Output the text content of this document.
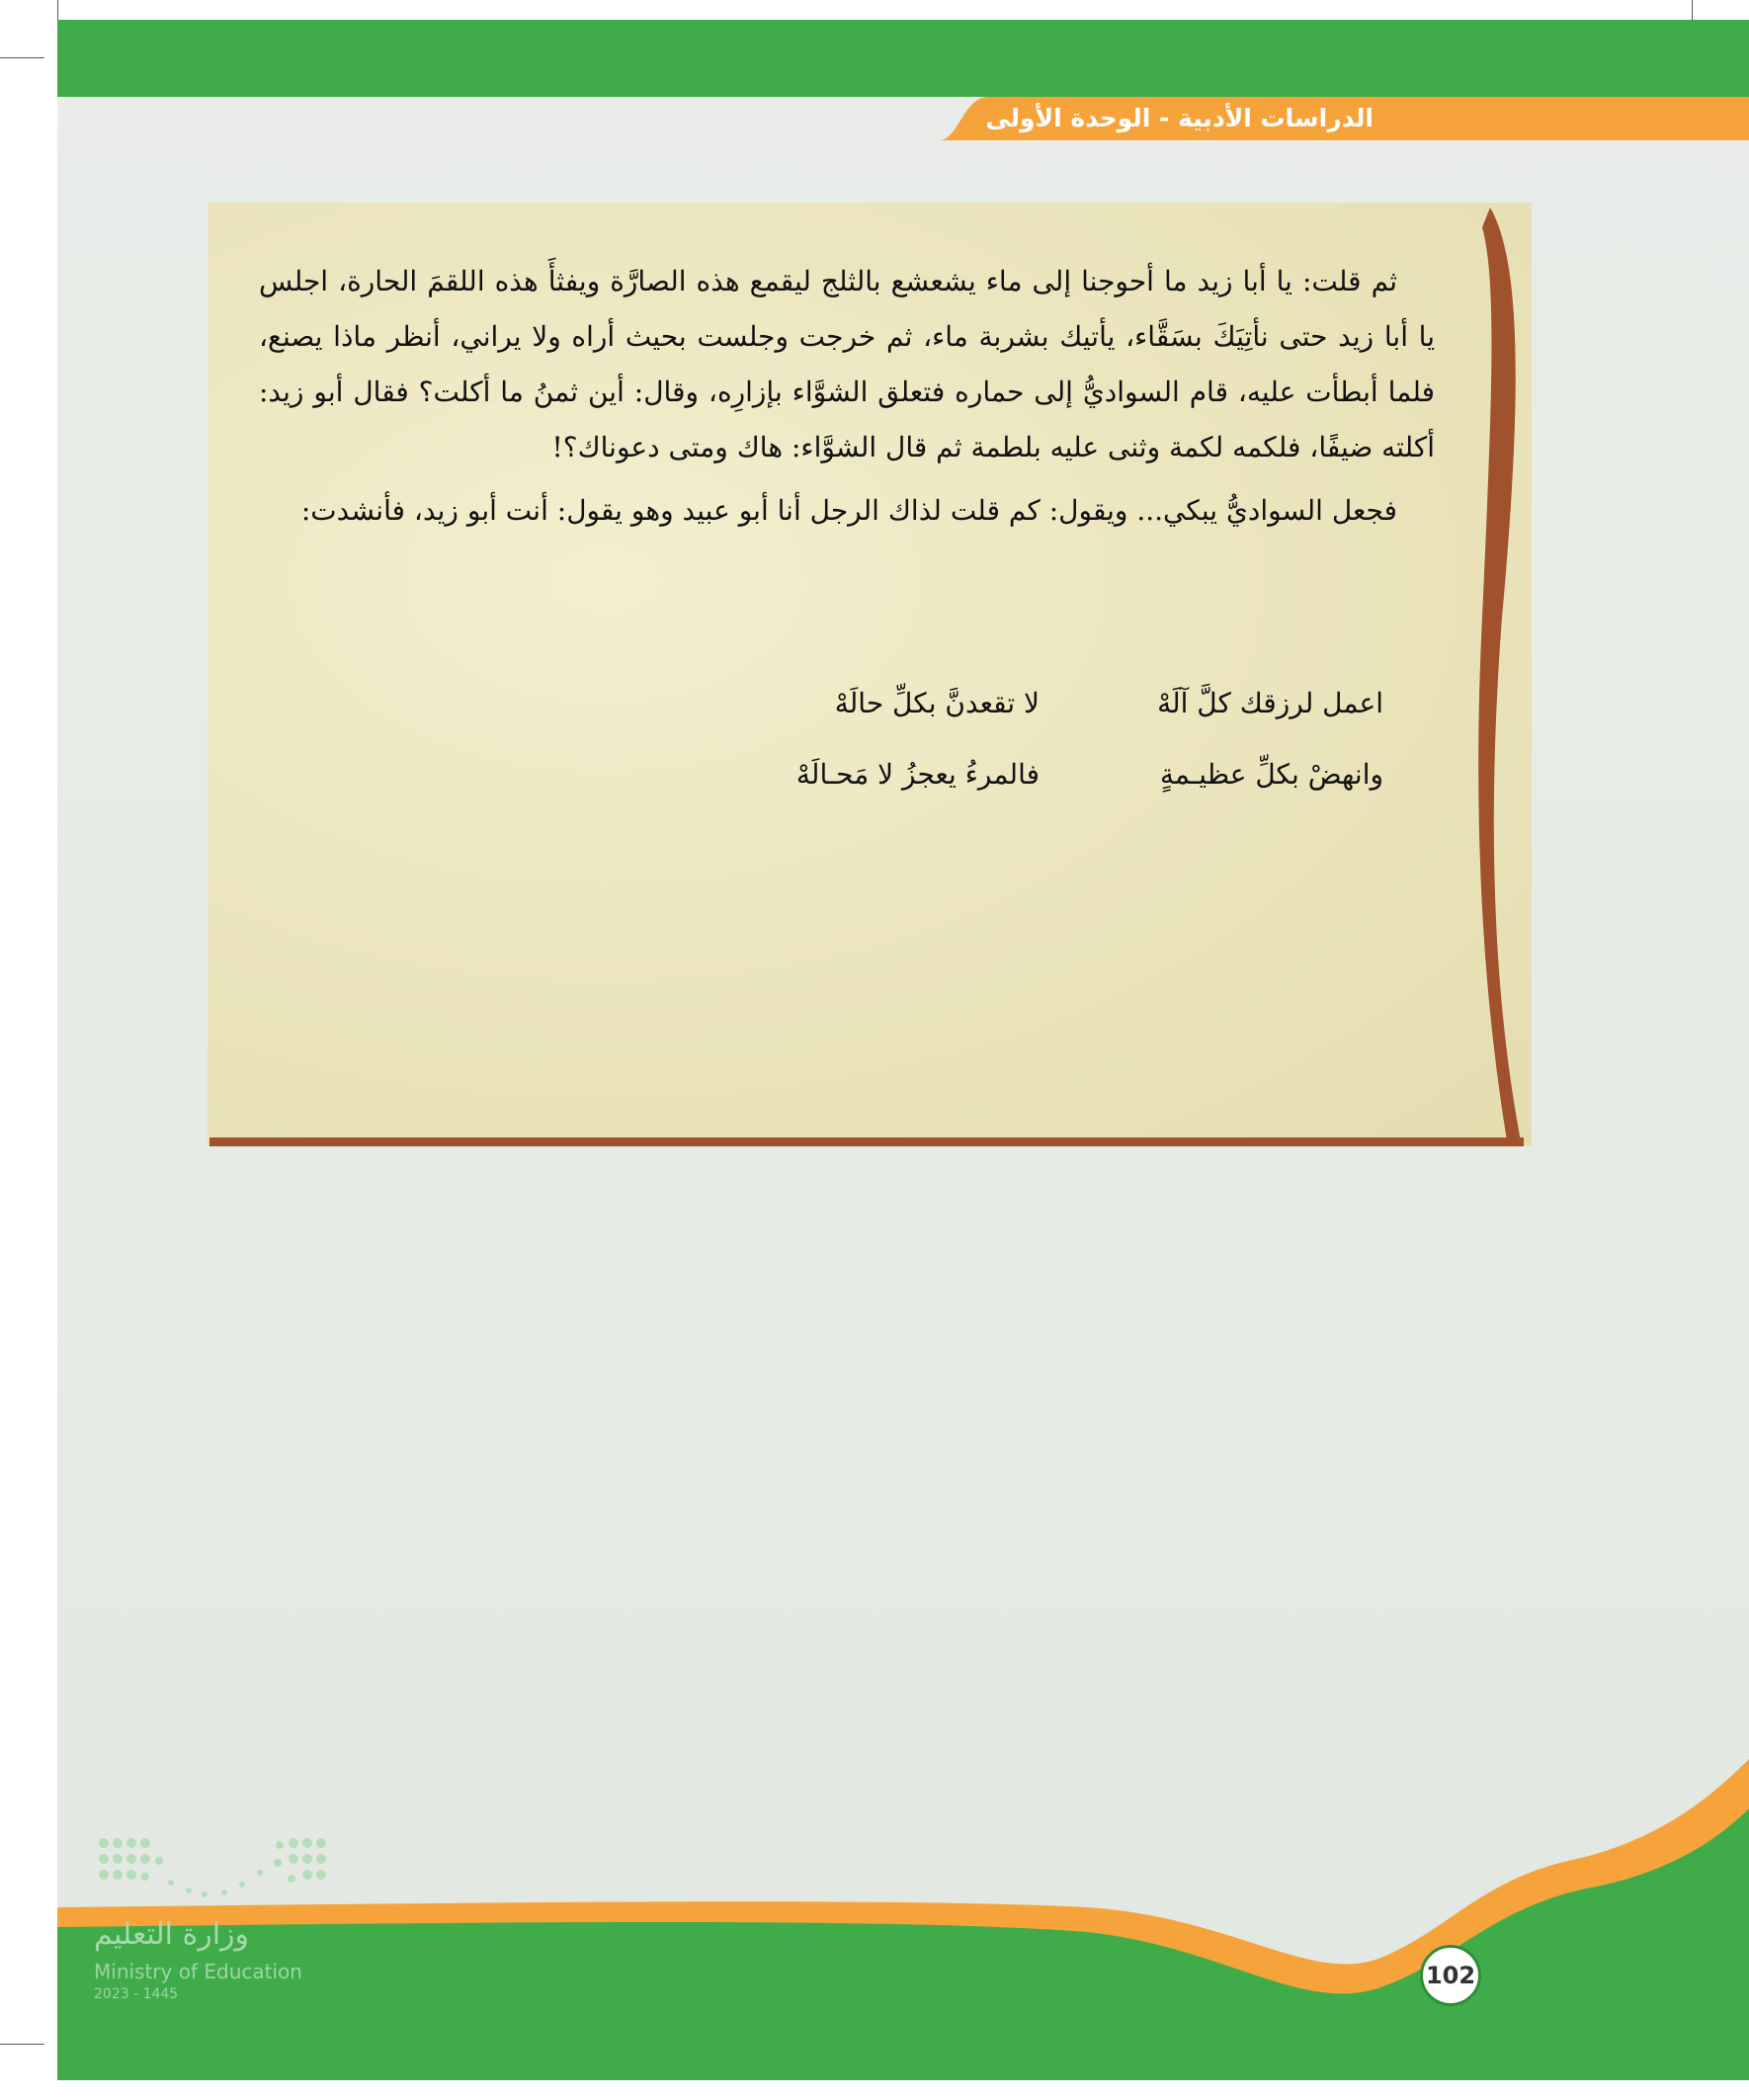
الدراسات الأدبية - الوحدة الأولى

ثم قلت: يا أبا زيد ما أحوجنا إلى ماء يشعشع بالثلج ليقمع هذه الصارَّة ويفثأَ هذه اللقمَ الحارة، اجلس يا أبا زيد حتى نأتِيَكَ بسَقَّاء، يأتيك بشربة ماء، ثم خرجت وجلست بحيث أراه ولا يراني، أنظر ماذا يصنع، فلما أبطأت عليه، قام السواديُّ إلى حماره فتعلق الشوَّاء بإزارِه، وقال: أين ثمنُ ما أكلت؟ فقال أبو زيد: أكلته ضيفًا، فلكمه لكمة وثنى عليه بلطمة ثم قال الشوَّاء: هاك ومتى دعوناك؟!

فجعل السواديُّ يبكي... ويقول: كم قلت لذاك الرجل أنا أبو عبيد وهو يقول: أنت أبو زيد، فأنشدت:

اعمل لرزقك كلَّ آلَهْ
لا تقعدنَّ بكلِّ حالَهْ
وانهضْ بكلِّ عظيـمةٍ
فالمرءُ يعجزُ لا مَحـالَهْ
102
وزارة التعليم
Ministry of Education
2023 - 1445
